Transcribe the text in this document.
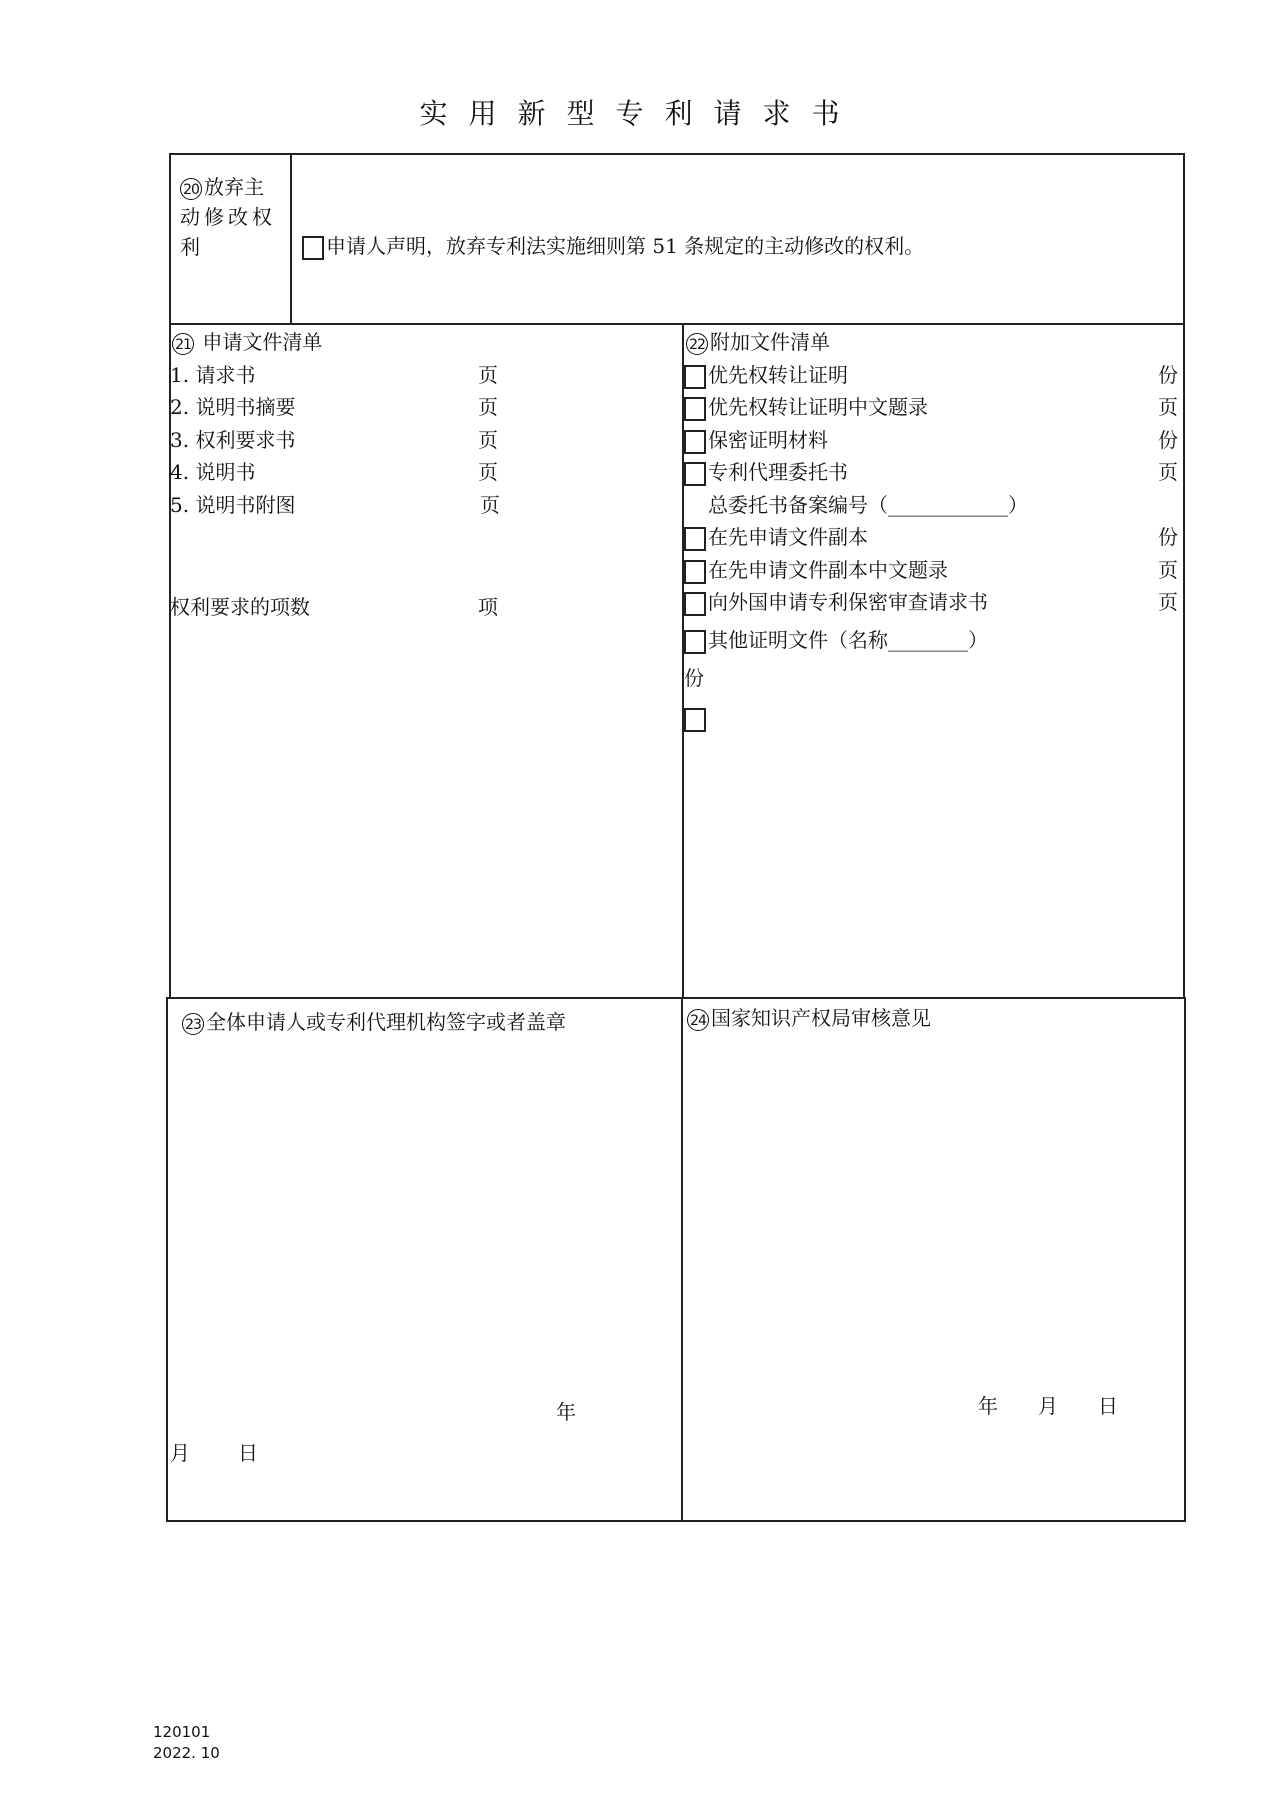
实用新型专利请求书
20 放弃主
动修改权
利	申请人声明，放弃专利法实施细则第 51 条规定的主动修改的权利。
21 申请文件清单
1. 请求书	页
2. 说明书摘要	页
3. 权利要求书	页
4. 说明书	页
5. 说明书附图	页
权利要求的项数	项
22 附加文件清单
优先权转让证明	份
优先权转让证明中文题录	页
保密证明材料	份
专利代理委托书	页
总委托书备案编号（____________）
在先申请文件副本	份
在先申请文件副本中文题录	页
向外国申请专利保密审查请求书	页
其他证明文件（名称________）
份
23 全体申请人或专利代理机构签字或者盖章
年
月 日
24 国家知识产权局审核意见
年　　月　　日
120101
2022. 10
